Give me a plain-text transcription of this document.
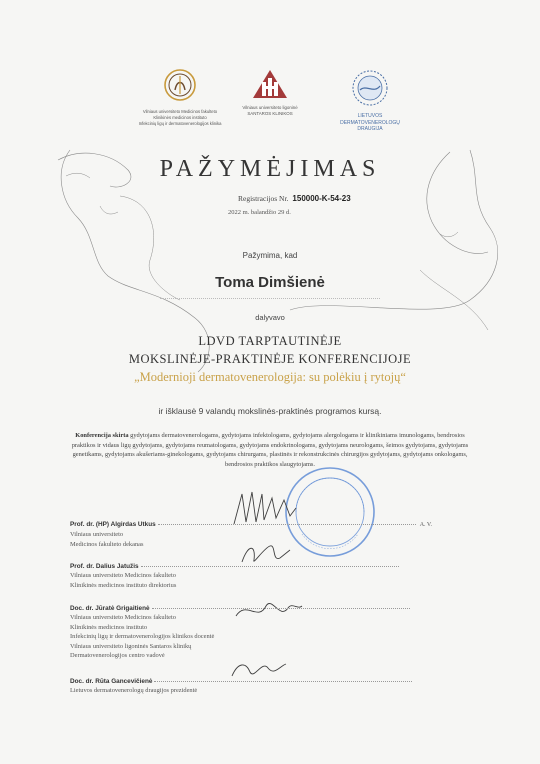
Vilniaus universiteto Medicinos fakulteto
Klinikinės medicinos instituto
Infekcinių ligų ir dermatovenerologijos klinika
Vilniaus universiteto ligoninė
SANTAROS KLINIKOS	LIETUVOS
DERMATOVENEROLOGŲ
DRAUGIJA
PAŽYMĖJIMAS
Registracijos Nr. 150000-K-54-23
2022 m. balandžio 29 d.
Pažymima, kad
Toma Dimšienė
dalyvavo
LDVD TARPTAUTINĖJE
MOKSLINĖJE-PRAKTINĖJE KONFERENCIJOJE
„Modernioji dermatovenerologija: su polėkiu į rytojų“
ir išklausė 9 valandų mokslinės-praktinės programos kursą.
Konferencija skirta gydytojams dermatovenerologams, gydytojams infektologams, gydytojams alergologams ir klinikiniams imunologams, bendrosios praktikos ir vidaus ligų gydytojams, gydytojams reumatologams, gydytojams endokrinologams, gydytojams neurologams, šeimos gydytojams, gydytojams genetikams, gydytojams akušeriams-ginekologams, gydytojams chirurgams, plastinės ir rekonstrukcinės chirurgijos gydytojams, gydytojams onkologams, bendrosios praktikos slaugytojams.
Prof. dr. (HP) Algirdas Utkus	A. V.
Vilniaus universiteto
Medicinos fakulteto dekanas
Prof. dr. Dalius Jatužis
Vilniaus universiteto Medicinos fakulteto
Klinikinės medicinos instituto direktorius
Doc. dr. Jūratė Grigaitienė
Vilniaus universiteto Medicinos fakulteto
Klinikinės medicinos instituto
Infekcinių ligų ir dermatovenerologijos klinikos docentė
Vilniaus universiteto ligoninės Santaros klinikų
Dermatovenerologijos centro vadovė
Doc. dr. Rūta Gancevičienė
Lietuvos dermatovenerologų draugijos prezidentė
